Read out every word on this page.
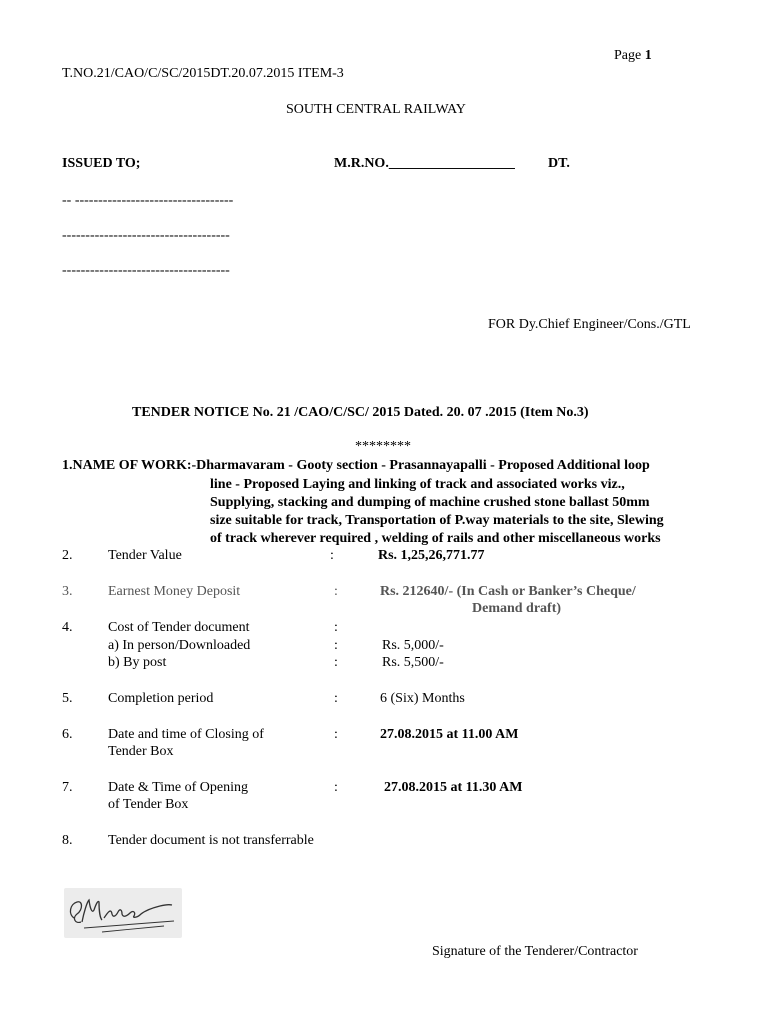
Page 1
T.NO.21/CAO/C/SC/2015DT.20.07.2015 ITEM-3
SOUTH CENTRAL RAILWAY
ISSUED TO;	M.R.NO.__________________ DT.
-- ----------------------------------
------------------------------------
------------------------------------
FOR Dy.Chief Engineer/Cons./GTL
TENDER NOTICE No. 21 /CAO/C/SC/ 2015 Dated. 20. 07 .2015 (Item No.3)
********
1.NAME OF WORK:-Dharmavaram - Gooty section - Prasannayapalli - Proposed Additional loop
line - Proposed Laying and linking of track and associated works viz.,
Supplying, stacking and dumping of machine crushed stone ballast 50mm
size suitable for track, Transportation of P.way materials to the site, Slewing
of track wherever required , welding of rails and other miscellaneous works
2.	Tender Value	:	Rs. 1,25,26,771.77
3.	Earnest Money Deposit	:	Rs. 212640/- (In Cash or Banker’s Cheque/
Demand draft)
4.	Cost of Tender document	:
a) In person/Downloaded	:	Rs. 5,000/-
b) By post	:	Rs. 5,500/-
5.	Completion period	:	6 (Six) Months
6.	Date and time of Closing of
Tender Box
:	27.08.2015 at 11.00 AM
7.	Date & Time of Opening
of Tender Box
:	27.08.2015 at 11.30 AM
8.	Tender document is not transferrable
Signature of the Tenderer/Contractor
